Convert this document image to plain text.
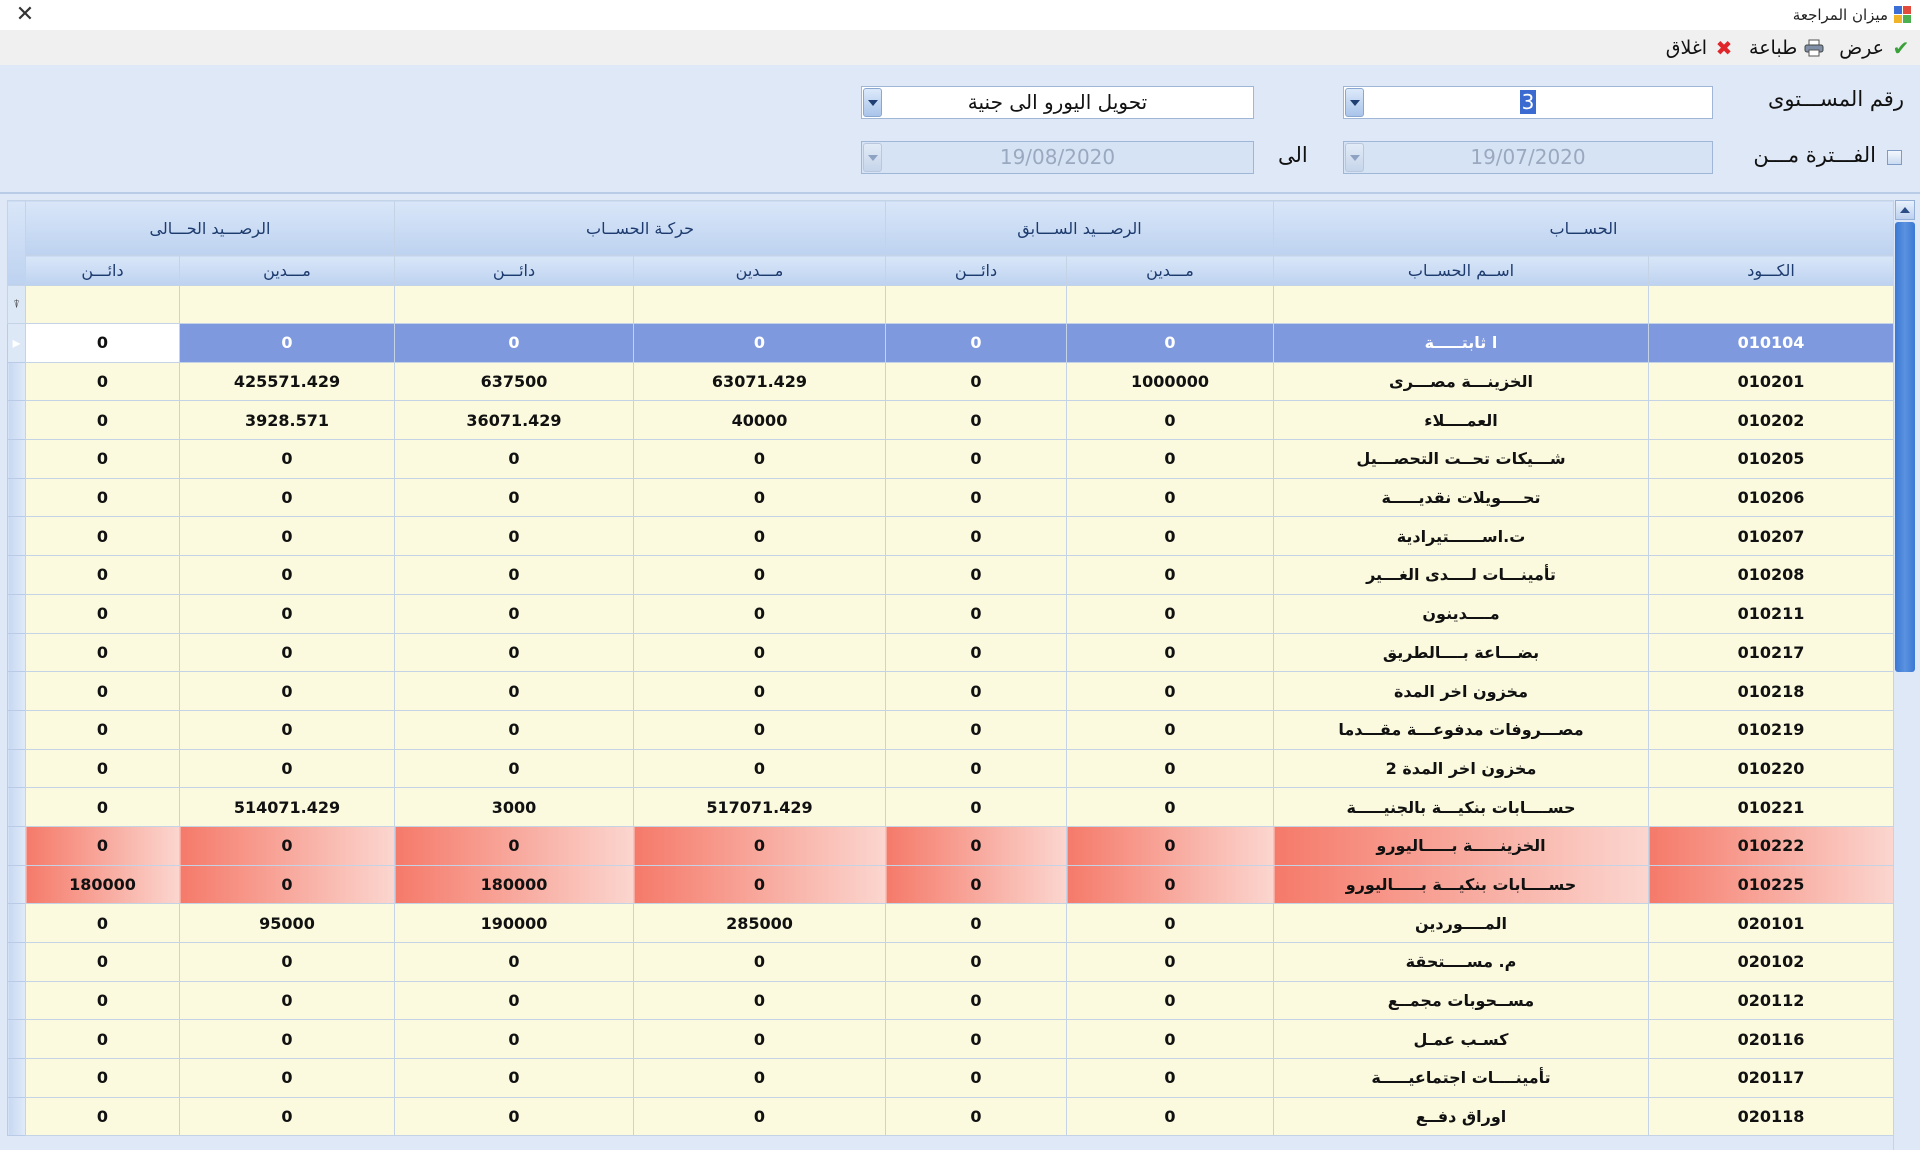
✕	ميزان المراجعة
✔
عرض
طباعة
✖
اغلاق
رقم المســـتوى
3
تحويل اليورو الى جنية
الفـــترة مـــن
19/07/2020
الى
19/08/2020
الحســـاب		الرصـــيد الســـابق		حركـة الحســاب		الرصـــيد الحـــالى		
الكـــود	اســم الحســاب	مـــدين	دائـــن	مـــدين	دائـــن	مـــدين	دائـــن	
								⍒
010104	ا ثابتـــــة	0	0	0	0	0	0	▸
010201	الخزينـــة مصـــرى	1000000	0	63071.429	637500	425571.429	0	
010202	العمــــلاء	0	0	40000	36071.429	3928.571	0	
010205	شـــيكات تحــت التحصـــيل	0	0	0	0	0	0	
010206	تحــــويلات نقديـــــة	0	0	0	0	0	0	
010207	ت.اســــــتيرادية	0	0	0	0	0	0	
010208	تأمينـــات لــــدى الغـــير	0	0	0	0	0	0	
010211	مــــدينون	0	0	0	0	0	0	
010217	بضـــاعة بــــالطريق	0	0	0	0	0	0	
010218	مخزون اخر المدة	0	0	0	0	0	0	
010219	مصـــروفات مدفوعـــة مقـــدما	0	0	0	0	0	0	
010220	مخزون اخر المدة 2	0	0	0	0	0	0	
010221	حســــابات بنكيـــة بالجنيـــــة	0	0	517071.429	3000	514071.429	0	
010222	الخزينـــــة بـــــاليورو	0	0	0	0	0	0	
010225	حســــابات بنكيـــة بـــــاليورو	0	0	0	180000	0	180000	
020101	المــــوردين	0	0	285000	190000	95000	0	
020102	م. مســــتحقة	0	0	0	0	0	0	
020112	مســحوبات مجمــع	0	0	0	0	0	0	
020116	كسـب عمـل	0	0	0	0	0	0	
020117	تأمينــــات اجتماعيـــــة	0	0	0	0	0	0	
020118	اوراق دفــع	0	0	0	0	0	0	
